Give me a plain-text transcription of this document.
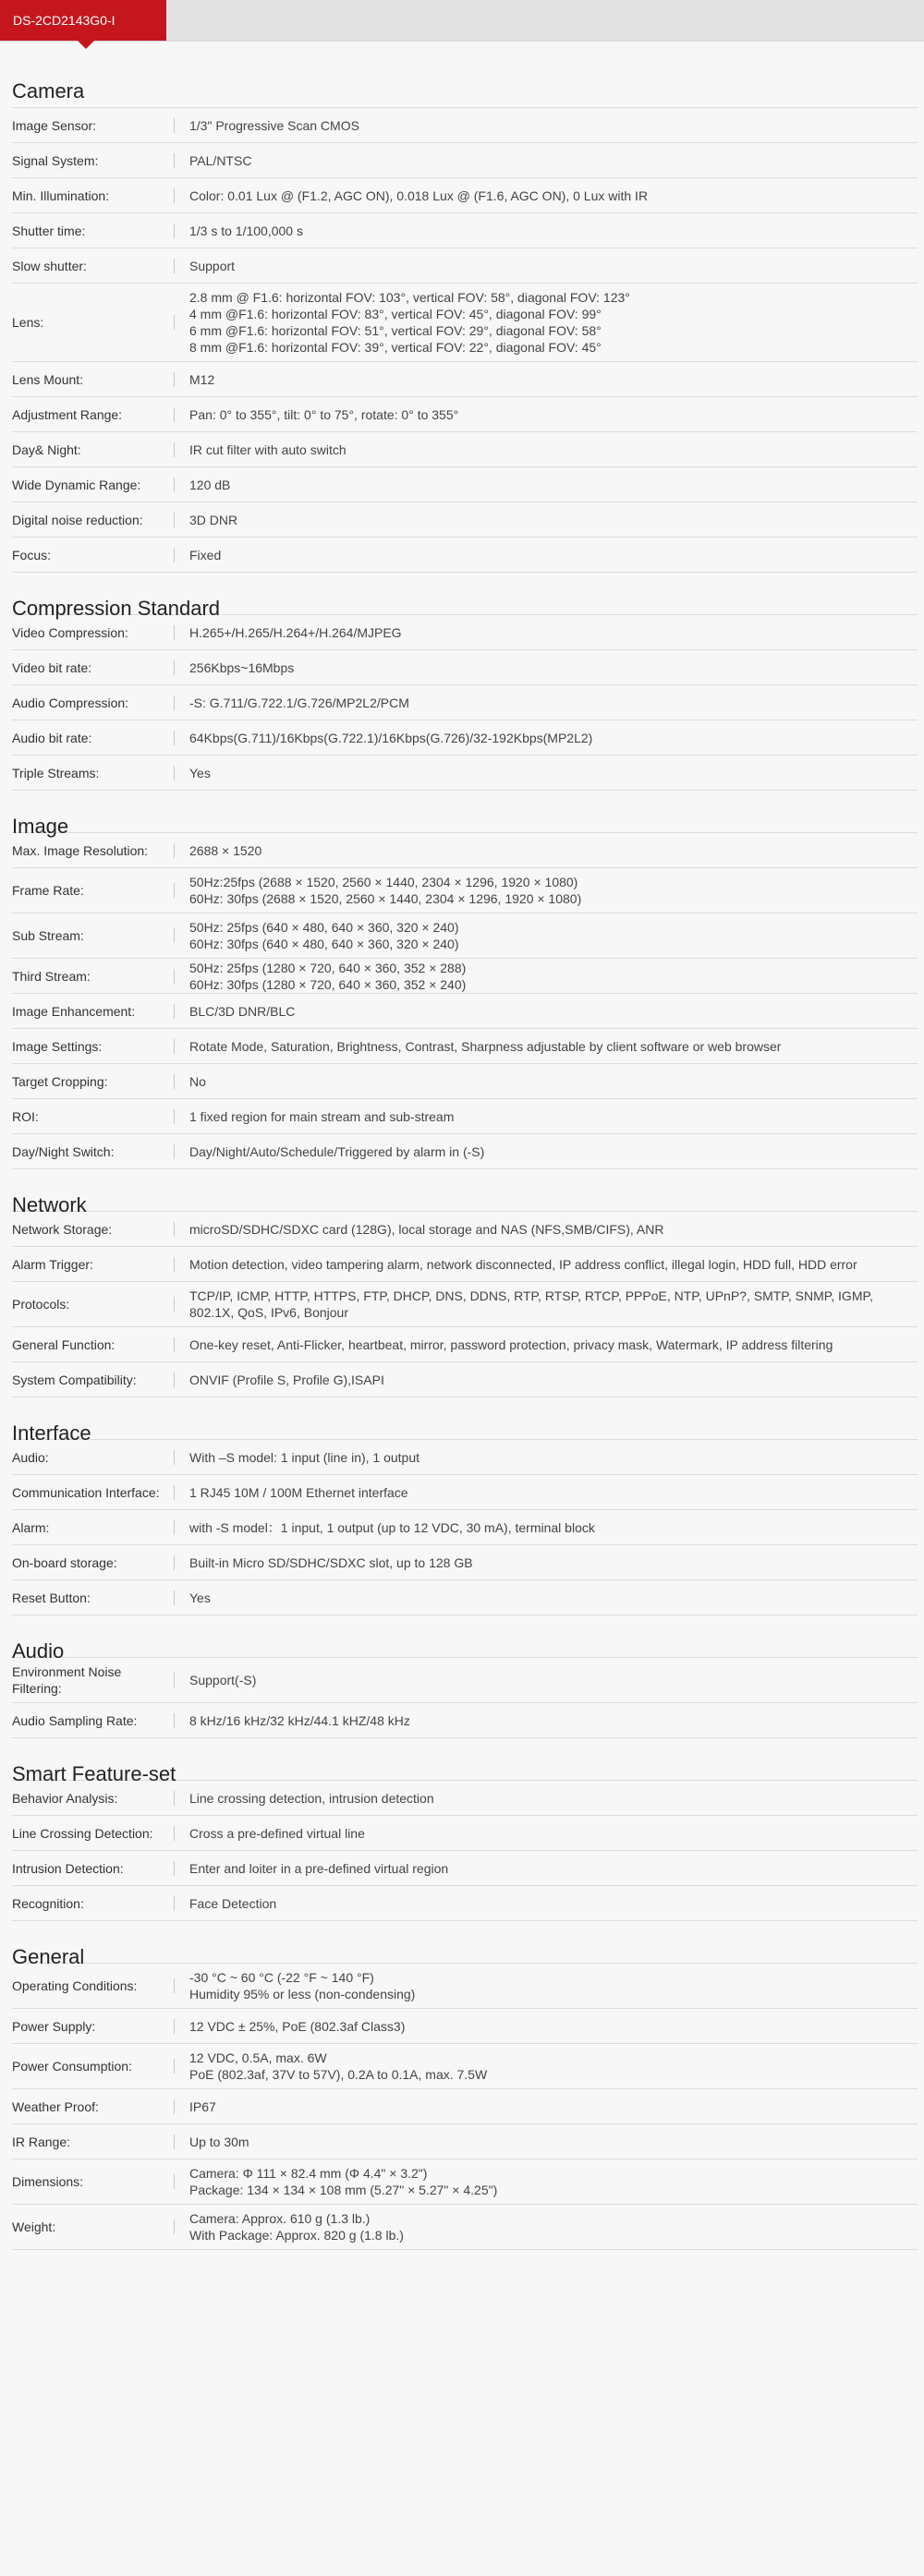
DS-2CD2143G0-I
Camera
Image Sensor:	1/3" Progressive Scan CMOS
Signal System:	PAL/NTSC
Min. Illumination:	Color: 0.01 Lux @ (F1.2, AGC ON), 0.018 Lux @ (F1.6, AGC ON), 0 Lux with IR
Shutter time:	1/3 s to 1/100,000 s
Slow shutter:	Support
Lens:
2.8 mm @ F1.6: horizontal FOV: 103°, vertical FOV: 58°, diagonal FOV: 123°
4 mm @F1.6: horizontal FOV: 83°, vertical FOV: 45°, diagonal FOV: 99°
6 mm @F1.6: horizontal FOV: 51°, vertical FOV: 29°, diagonal FOV: 58°
8 mm @F1.6: horizontal FOV: 39°, vertical FOV: 22°, diagonal FOV: 45°
Lens Mount:	M12
Adjustment Range:	Pan: 0° to 355°, tilt: 0° to 75°, rotate: 0° to 355°
Day& Night:	IR cut filter with auto switch
Wide Dynamic Range:	120 dB
Digital noise reduction:	3D DNR
Focus:	Fixed
Compression Standard
Video Compression:	H.265+/H.265/H.264+/H.264/MJPEG
Video bit rate:	256Kbps~16Mbps
Audio Compression:	-S: G.711/G.722.1/G.726/MP2L2/PCM
Audio bit rate:	64Kbps(G.711)/16Kbps(G.722.1)/16Kbps(G.726)/32-192Kbps(MP2L2)
Triple Streams:	Yes
Image
Max. Image Resolution:	2688 × 1520
Frame Rate:
50Hz:25fps (2688 × 1520, 2560 × 1440, 2304 × 1296, 1920 × 1080)
60Hz: 30fps (2688 × 1520, 2560 × 1440, 2304 × 1296, 1920 × 1080)
Sub Stream:
50Hz: 25fps (640 × 480, 640 × 360, 320 × 240)
60Hz: 30fps (640 × 480, 640 × 360, 320 × 240)
Third Stream:
50Hz: 25fps (1280 × 720, 640 × 360, 352 × 288)
60Hz: 30fps (1280 × 720, 640 × 360, 352 × 240)
Image Enhancement:	BLC/3D DNR/BLC
Image Settings:	Rotate Mode, Saturation, Brightness, Contrast, Sharpness adjustable by client software or web browser
Target Cropping:	No
ROI:	1 fixed region for main stream and sub-stream
Day/Night Switch:	Day/Night/Auto/Schedule/Triggered by alarm in (-S)
Network
Network Storage:	microSD/SDHC/SDXC card (128G), local storage and NAS (NFS,SMB/CIFS), ANR
Alarm Trigger:	Motion detection, video tampering alarm, network disconnected, IP address conflict, illegal login, HDD full, HDD error
Protocols:
TCP/IP, ICMP, HTTP, HTTPS, FTP, DHCP, DNS, DDNS, RTP, RTSP, RTCP, PPPoE, NTP, UPnP?, SMTP, SNMP, IGMP, 802.1X, QoS, IPv6, Bonjour
General Function:	One-key reset, Anti-Flicker, heartbeat, mirror, password protection, privacy mask, Watermark, IP address filtering
System Compatibility:	ONVIF (Profile S, Profile G),ISAPI
Interface
Audio:	With –S model: 1 input (line in), 1 output
Communication Interface:	1 RJ45 10M / 100M Ethernet interface
Alarm:	with -S model：1 input, 1 output (up to 12 VDC, 30 mA), terminal block
On-board storage:	Built-in Micro SD/SDHC/SDXC slot, up to 128 GB
Reset Button:	Yes
Audio
Environment Noise Filtering:
Support(-S)
Audio Sampling Rate:	8 kHz/16 kHz/32 kHz/44.1 kHZ/48 kHz
Smart Feature-set
Behavior Analysis:	Line crossing detection, intrusion detection
Line Crossing Detection:	Cross a pre-defined virtual line
Intrusion Detection:	Enter and loiter in a pre-defined virtual region
Recognition:	Face Detection
General
Operating Conditions:
-30 °C ~ 60 °C (-22 °F ~ 140 °F)
Humidity 95% or less (non-condensing)
Power Supply:	12 VDC ± 25%, PoE (802.3af Class3)
Power Consumption:
12 VDC, 0.5A, max. 6W
PoE (802.3af, 37V to 57V), 0.2A to 0.1A, max. 7.5W
Weather Proof:	IP67
IR Range:	Up to 30m
Dimensions:
Camera: Φ 111 × 82.4 mm (Φ 4.4" × 3.2")
Package: 134 × 134 × 108 mm (5.27" × 5.27" × 4.25")
Weight:
Camera: Approx. 610 g (1.3 lb.)
With Package: Approx. 820 g (1.8 lb.)
